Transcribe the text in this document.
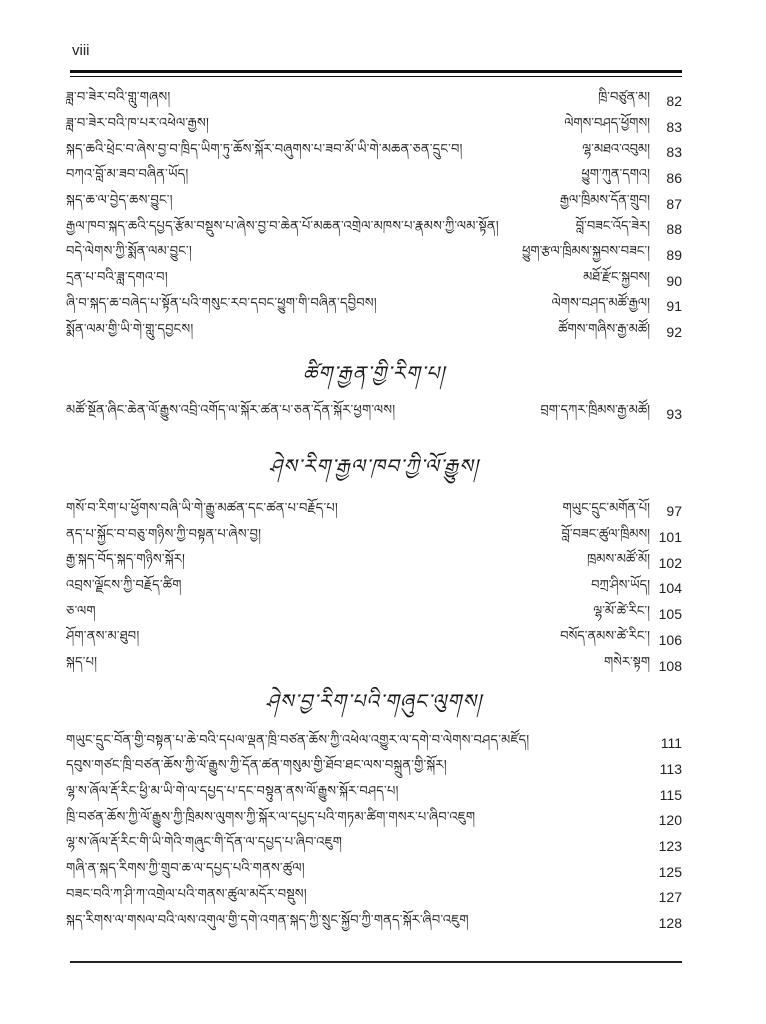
viii
ཟླ་བ་ཟེར་བའི་གླུ་གཞས།	ཁྲི་བཙུན་མ།	82
ཟླ་བ་ཟེར་བའི་ཁ་པར་འཕེལ་རྒྱས།	ལེགས་བཤད་ཕྱོགས།	83
སྐད་ཆའི་ཕྲེང་བ་ཞེས་བྱ་བ་ཁྲིད་ཡིག་ཏུ་ཆོས་སྐོར་བཞུགས་པ་ཟབ་མོ་ཡི་གེ་མཆན་ཅན་དྲུང་བ།	ལྷ་མཐའ་འབུམ།	83
བཀའ་བློ་མ་ཟབ་བཞིན་ཡོད།	ཕྱུག་ཀུན་དགའ།	86
སྐད་ཆ་ལ་བྱེད་ཆས་བྱུང་།	རྒྱལ་ཁྲིམས་དོན་གྲུབ།	87
རྒྱལ་ཁབ་སྐད་ཆའི་དཔྱད་རྩོམ་བསྡུས་པ་ཞེས་བྱ་བ་ཆེན་པོ་མཆན་འགྲེལ་མཁས་པ་རྣམས་ཀྱི་ལམ་སྟོན།	བློ་བཟང་འོད་ཟེར།	88
བདེ་ལེགས་ཀྱི་སྨོན་ལམ་བྱུང་།	ཕྱུག་རྩལ་ཁྲིམས་སྐྱབས་བཟང་།	89
དྲན་པ་བའི་ཟླ་དགའ་བ།	མཐོ་རྫོང་སྐྱབས།	90
ཞི་བ་སྐད་ཆ་བཞེད་པ་སྟོན་པའི་གསུང་རབ་དབང་ཕྱུག་གི་བཞིན་དབྱིབས།	ལེགས་བཤད་མཚོ་རྒྱལ།	91
སྨོན་ལམ་གྱི་ཡི་གེ་གླུ་དབྱངས།	ཚོགས་གཞིས་རྒྱ་མཚོ།	92
ཚིག་རྒྱན་གྱི་རིག་པ།
མཚོ་སྔོན་ཞིང་ཆེན་ལོ་རྒྱུས་འབྲི་འགོད་ལ་སྐོར་ཚན་པ་ཅན་དོན་སྐོར་ཕྱག་ལས།	བྲག་དཀར་ཁྲིམས་རྒྱ་མཚོ།	93
ཤེས་རིག་རྒྱལ་ཁབ་ཀྱི་ལོ་རྒྱུས།
གསོ་བ་རིག་པ་ཕྱོགས་བཞི་ཡི་གེ་རྒྱུ་མཚན་དང་ཚན་པ་བརྗོད་པ།	གཡུང་དྲུང་མགོན་པོ།	97
ནད་པ་སྐྱོང་བ་བཅུ་གཉིས་ཀྱི་བསྟན་པ་ཞེས་བྱ།	བློ་བཟང་ཚུལ་ཁྲིམས། 101
རྒྱ་སྐད་བོད་སྐད་གཉིས་སྐོར།	ཁྲམས་མཚོ་མོ། 102
འབྲས་ལྗོངས་ཀྱི་བརྗོད་ཚིག	བཀྲ་ཤིས་ཡོད། 104
ཅ་ལག	ལྷ་མོ་ཚེ་རིང་། 105
ཤོག་ནས་མ་ཐུབ།	བསོད་ནམས་ཚེ་རིང་། 106
སྐད་པ།	གསེར་སྟག 108
ཤེས་བྱ་རིག་པའི་གཞུང་ལུགས།
གཡུང་དྲུང་བོན་གྱི་བསྟན་པ་ཆེ་བའི་དཔལ་ལྡན་ཁྲི་བཙན་ཆོས་ཀྱི་འཕེལ་འགྱུར་ལ་དགེ་བ་ལེགས་བཤད་མཛོད།	111
དབུས་གཙང་ཁྲི་བཙན་ཆོས་ཀྱི་ལོ་རྒྱུས་ཀྱི་དོན་ཚན་གསུམ་གྱི་ཐོབ་ཐང་ལས་བསྐྲུན་གྱི་སྐོར།	113
ལྷ་ས་ཞོལ་རྡོ་རིང་ཕྱི་མ་ཡི་གེ་ལ་དཔྱད་པ་དང་བསྟུན་ནས་ལོ་རྒྱུས་སྐོར་བཤད་པ།	115
ཁྲི་བཙན་ཆོས་ཀྱི་ལོ་རྒྱུས་ཀྱི་ཁྲིམས་ལུགས་ཀྱི་སྐོར་ལ་དཔྱད་པའི་གཏམ་ཚིག་གསར་པ་ཞིབ་འཇུག	120
ལྷ་ས་ཞོལ་རྡོ་རིང་གི་ཡི་གེའི་གཞུང་གི་དོན་ལ་དཔྱད་པ་ཞིབ་འཇུག	123
གཞི་ན་སྐད་རིགས་ཀྱི་གྲུབ་ཆ་ལ་དཔྱད་པའི་གནས་ཚུལ།	125
བཟང་བའི་ཀ་ཤི་ཀ་འགྲེལ་པའི་གནས་ཚུལ་མདོར་བསྡུས།	127
སྐད་རིགས་ལ་གསལ་བའི་ལས་འགུལ་གྱི་དགེ་འགན་སྐད་ཀྱི་སྲུང་སྐྱོབ་ཀྱི་གནད་སྐོར་ཞིབ་འཇུག	128
